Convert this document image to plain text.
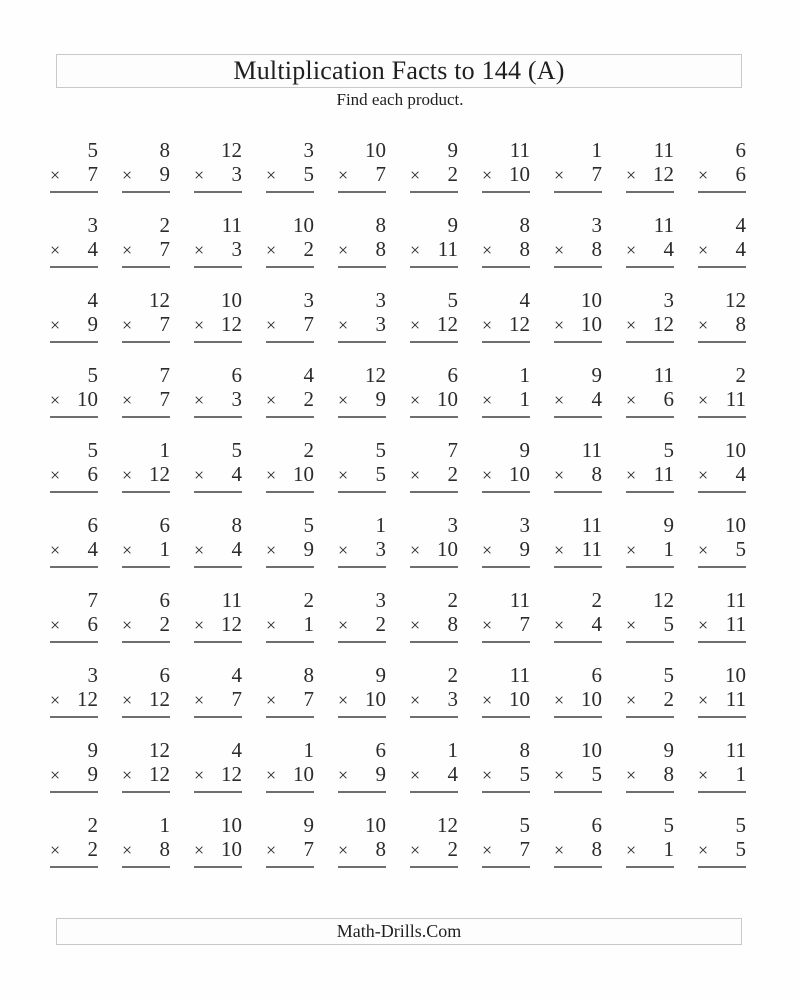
Multiplication Facts to 144 (A)

Find each product.

5
× 7
8
× 9
12
× 3
3
× 5
10
× 7
9
× 2
11
× 10
1
× 7
11
× 12
6
× 6
3
× 4
2
× 7
11
× 3
10
× 2
8
× 8
9
× 11
8
× 8
3
× 8
11
× 4
4
× 4
4
× 9
12
× 7
10
× 12
3
× 7
3
× 3
5
× 12
4
× 12
10
× 10
3
× 12
12
× 8
5
× 10
7
× 7
6
× 3
4
× 2
12
× 9
6
× 10
1
× 1
9
× 4
11
× 6
2
× 11
5
× 6
1
× 12
5
× 4
2
× 10
5
× 5
7
× 2
9
× 10
11
× 8
5
× 11
10
× 4
6
× 4
6
× 1
8
× 4
5
× 9
1
× 3
3
× 10
3
× 9
11
× 11
9
× 1
10
× 5
7
× 6
6
× 2
11
× 12
2
× 1
3
× 2
2
× 8
11
× 7
2
× 4
12
× 5
11
× 11
3
× 12
6
× 12
4
× 7
8
× 7
9
× 10
2
× 3
11
× 10
6
× 10
5
× 2
10
× 11
9
× 9
12
× 12
4
× 12
1
× 10
6
× 9
1
× 4
8
× 5
10
× 5
9
× 8
11
× 1
2
× 2
1
× 8
10
× 10
9
× 7
10
× 8
12
× 2
5
× 7
6
× 8
5
× 1
5
× 5
Math-Drills.Com
